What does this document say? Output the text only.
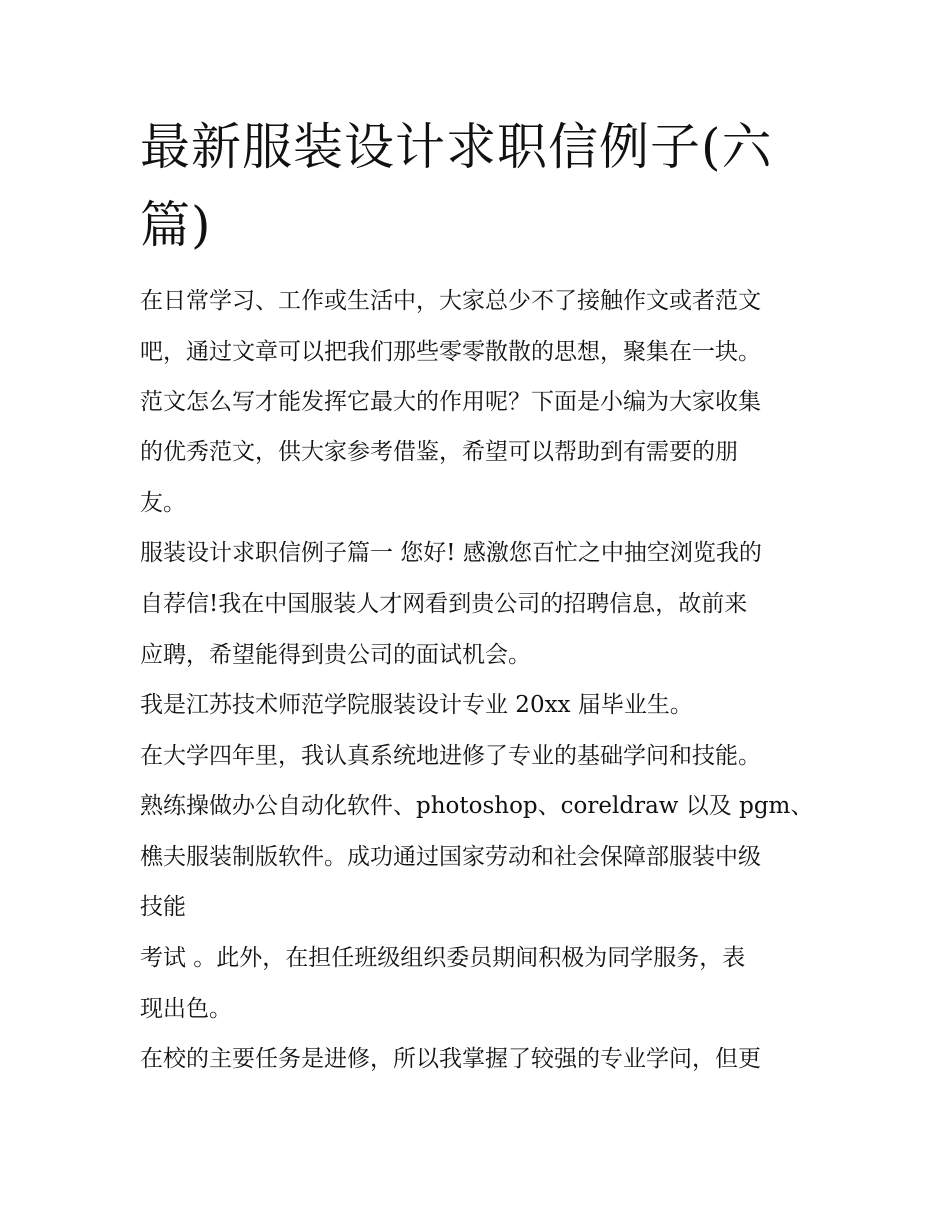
最新服装设计求职信例子(六篇)
在日常学习、工作或生活中，大家总少不了接触作文或者范文
吧，通过文章可以把我们那些零零散散的思想，聚集在一块。
范文怎么写才能发挥它最大的作用呢？下面是小编为大家收集
的优秀范文，供大家参考借鉴，希望可以帮助到有需要的朋
友。
服装设计求职信例子篇一 您好! 感激您百忙之中抽空浏览我的
自荐信!我在中国服装人才网看到贵公司的招聘信息，故前来
应聘，希望能得到贵公司的面试机会。
我是江苏技术师范学院服装设计专业 20xx 届毕业生。
在大学四年里，我认真系统地进修了专业的基础学问和技能。
熟练操做办公自动化软件、photoshop、coreldraw 以及 pgm、
樵夫服装制版软件。成功通过国家劳动和社会保障部服装中级
技能
考试 。此外，在担任班级组织委员期间积极为同学服务，表
现出色。
在校的主要任务是进修，所以我掌握了较强的专业学问，但更
